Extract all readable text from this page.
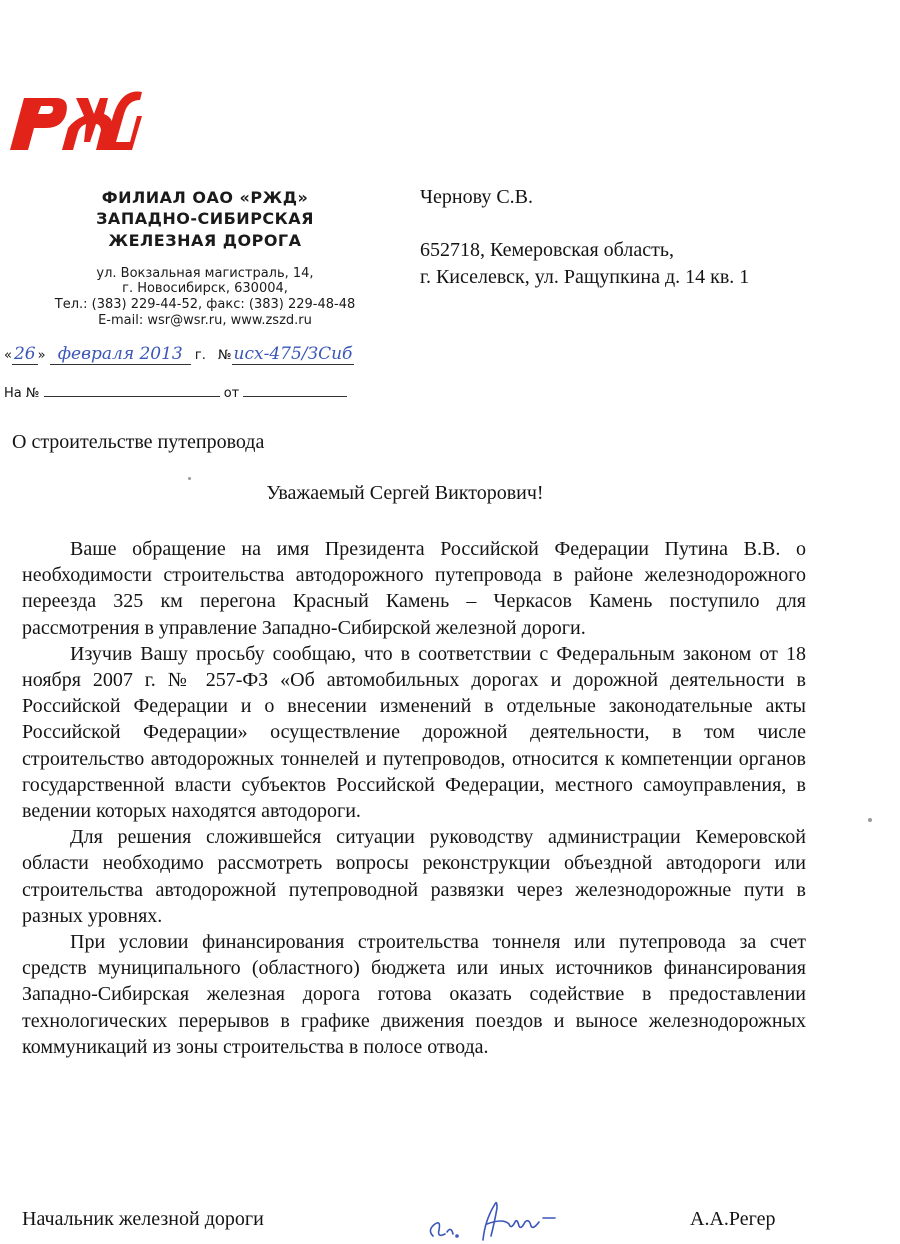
ФИЛИАЛ ОАО «РЖД»
ЗАПАДНО-СИБИРСКАЯ
ЖЕЛЕЗНАЯ ДОРОГА
ул. Вокзальная магистраль, 14,
г. Новосибирск, 630004,
Тел.: (383) 229-44-52, факс: (383) 229-48-48
E-mail: wsr@wsr.ru, www.zszd.ru
Чернову С.В.
652718, Кемеровская область,
г. Киселевск, ул. Ращупкина д. 14 кв. 1
« 26 » февраля 2013 г. № исх-475/ЗСиб
На №	от
О строительстве путепровода
Уважаемый Сергей Викторович!

Ваше обращение на имя Президента Российской Федерации Путина В.В. о необходимости строительства автодорожного путепровода в районе железнодорожного переезда 325 км перегона Красный Камень – Черкасов Камень поступило для рассмотрения в управление Западно-Сибирской железной дороги.

Изучив Вашу просьбу сообщаю, что в соответствии с Федеральным законом от 18 ноября 2007 г. № 257-ФЗ «Об автомобильных дорогах и дорожной деятельности в Российской Федерации и о внесении изменений в отдельные законодательные акты Российской Федерации» осуществление дорожной деятельности, в том числе строительство автодорожных тоннелей и путепроводов, относится к компетенции органов государственной власти субъектов Российской Федерации, местного самоуправления, в ведении которых находятся автодороги.

Для решения сложившейся ситуации руководству администрации Кемеровской области необходимо рассмотреть вопросы реконструкции объездной автодороги или строительства автодорожной путепроводной развязки через железнодорожные пути в разных уровнях.

При условии финансирования строительства тоннеля или путепровода за счет средств муниципального (областного) бюджета или иных источников финансирования Западно-Сибирская железная дорога готова оказать содействие в предоставлении технологических перерывов в графике движения поездов и выносе железнодорожных коммуникаций из зоны строительства в полосе отвода.

Начальник железной дороги	А.А.Регер
